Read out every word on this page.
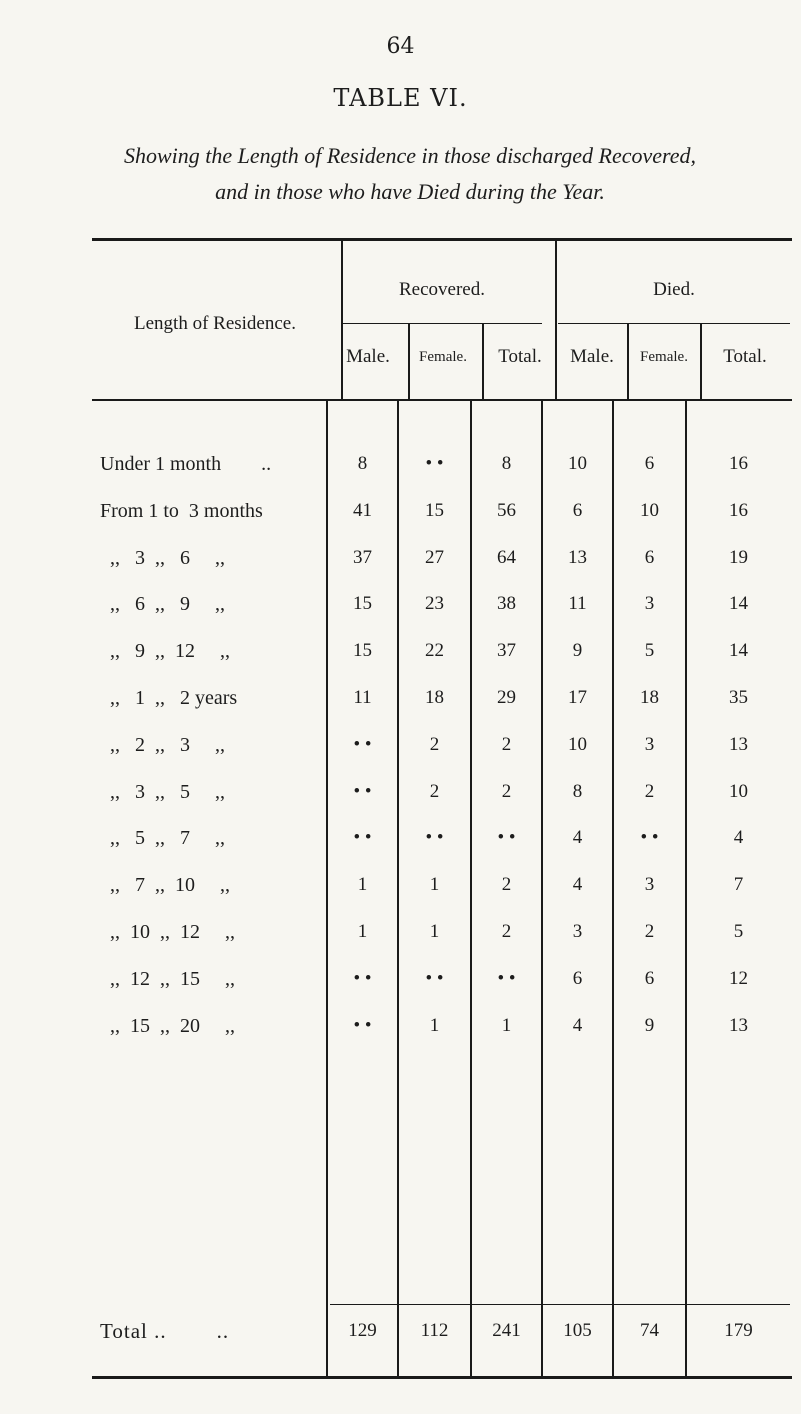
64
TABLE VI.
Showing the Length of Residence in those discharged Recovered,
and in those who have Died during the Year.
Length of Residence.
Recovered.	Died.
Male.	Female.	Total.	Male.	Female.	Total.
Under 1 month        ..	8	• •	8	10	6	16
From 1 to  3 months	41	15	56	6	10	16
,,   3  ,,   6     ,,	37	27	64	13	6	19
,,   6  ,,   9     ,,	15	23	38	11	3	14
,,   9  ,,  12     ,,	15	22	37	9	5	14
,,   1  ,,   2 years	11	18	29	17	18	35
,,   2  ,,   3     ,,	• •	2	2	10	3	13
,,   3  ,,   5     ,,	• •	2	2	8	2	10
,,   5  ,,   7     ,,	• •	• •	• •	4	• •	4
,,   7  ,,  10     ,,	1	1	2	4	3	7
,,  10  ,,  12     ,,	1	1	2	3	2	5
,,  12  ,,  15     ,,	• •	• •	• •	6	6	12
,,  15  ,,  20     ,,	• •	1	1	4	9	13
Total ..        ..	129	112	241	105	74	179
